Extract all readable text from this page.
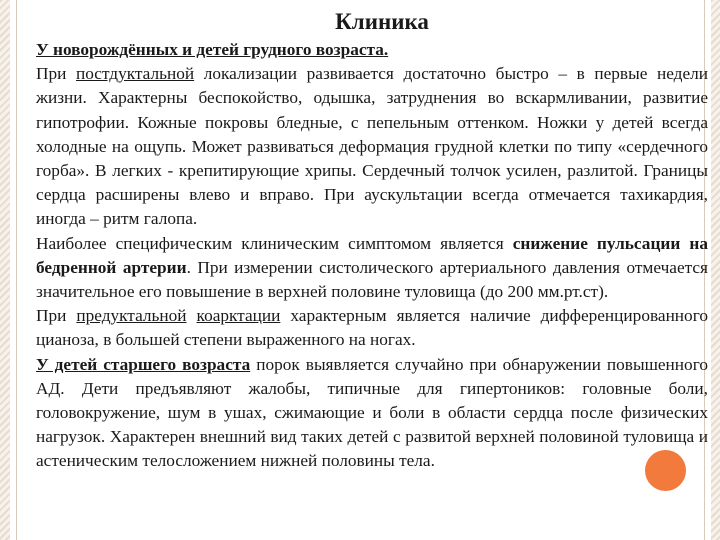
Клиника

У новорождённых и детей грудного возраста.

При постдуктальной локализации развивается достаточно быстро – в первые недели жизни. Характерны беспокойство, одышка, затруднения во вскармливании, развитие гипотрофии. Кожные покровы бледные, с пепельным оттенком. Ножки у детей всегда холодные на ощупь. Может развиваться деформация грудной клетки по типу «сердечного горба». В легких - крепитирующие хрипы. Сердечный толчок усилен, разлитой. Границы сердца расширены влево и вправо. При аускультации всегда отмечается тахикардия, иногда – ритм галопа.

Наиболее специфическим клиническим симптомом является снижение пульсации на бедренной артерии. При измерении систолического артериального давления отмечается значительное его повышение в верхней половине туловища (до 200 мм.рт.ст).

При предуктальной коарктации характерным является наличие дифференцированного цианоза, в большей степени выраженного на ногах.

У детей старшего возраста порок выявляется случайно при обнаружении повышенного АД. Дети предъявляют жалобы, типичные для гипертоников: головные боли, головокружение, шум в ушах, сжимающие и боли в области сердца после физических нагрузок. Характерен внешний вид таких детей с развитой верхней половиной туловища и астеническим телосложением нижней половины тела.
